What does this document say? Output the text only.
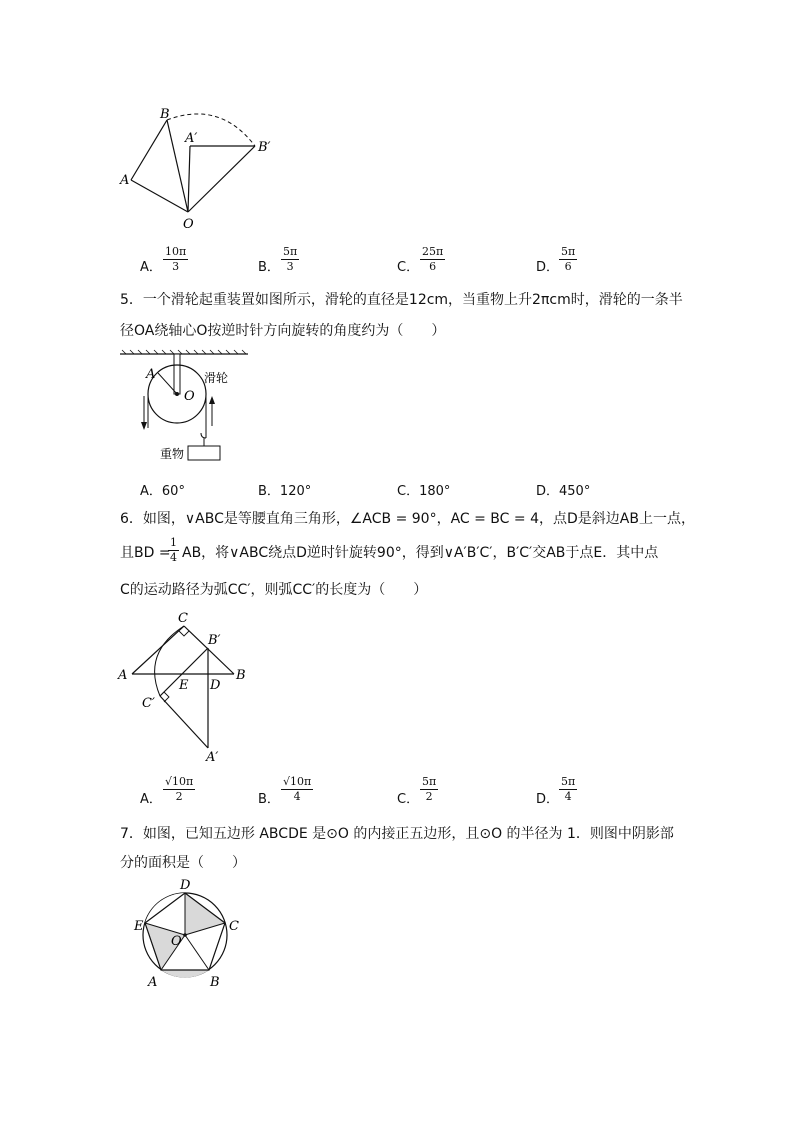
B
A
A′
B′
O
A． $\frac{10\pi}{3}$	B． $\frac{5\pi}{3}$	C． $\frac{25\pi}{6}$	D． $\frac{5\pi}{6}$
5．一个滑轮起重装置如图所示，滑轮的直径是12cm，当重物上升2πcm时，滑轮的一条半
径OA绕轴心O按逆时针方向旋转的角度约为（　　）
A
O
滑轮
重物
A．60°	B．120°	C．180°	D．450°
6．如图，∨ABC是等腰直角三角形，∠ACB = 90°，AC = BC = 4，点D是斜边AB上一点，
且BD =
$\frac{1}{4}$ AB，将∨ABC绕点D逆时针旋转90°，得到∨A′B′C′，B′C′交AB于点E．其中点
C的运动路径为弧CC′，则弧CC′的长度为（　　）
C
B′
A	B
E D
C′
A′
A． $\frac{√10\pi}{2}$	B． $\frac{√10\pi}{4}$	C． $\frac{5\pi}{2}$	D． $\frac{5\pi}{4}$
7．如图，已知五边形 ABCDE 是⊙O 的内接正五边形，且⊙O 的半径为 1．则图中阴影部
分的面积是（　　）
D
C
E
O
A	B
